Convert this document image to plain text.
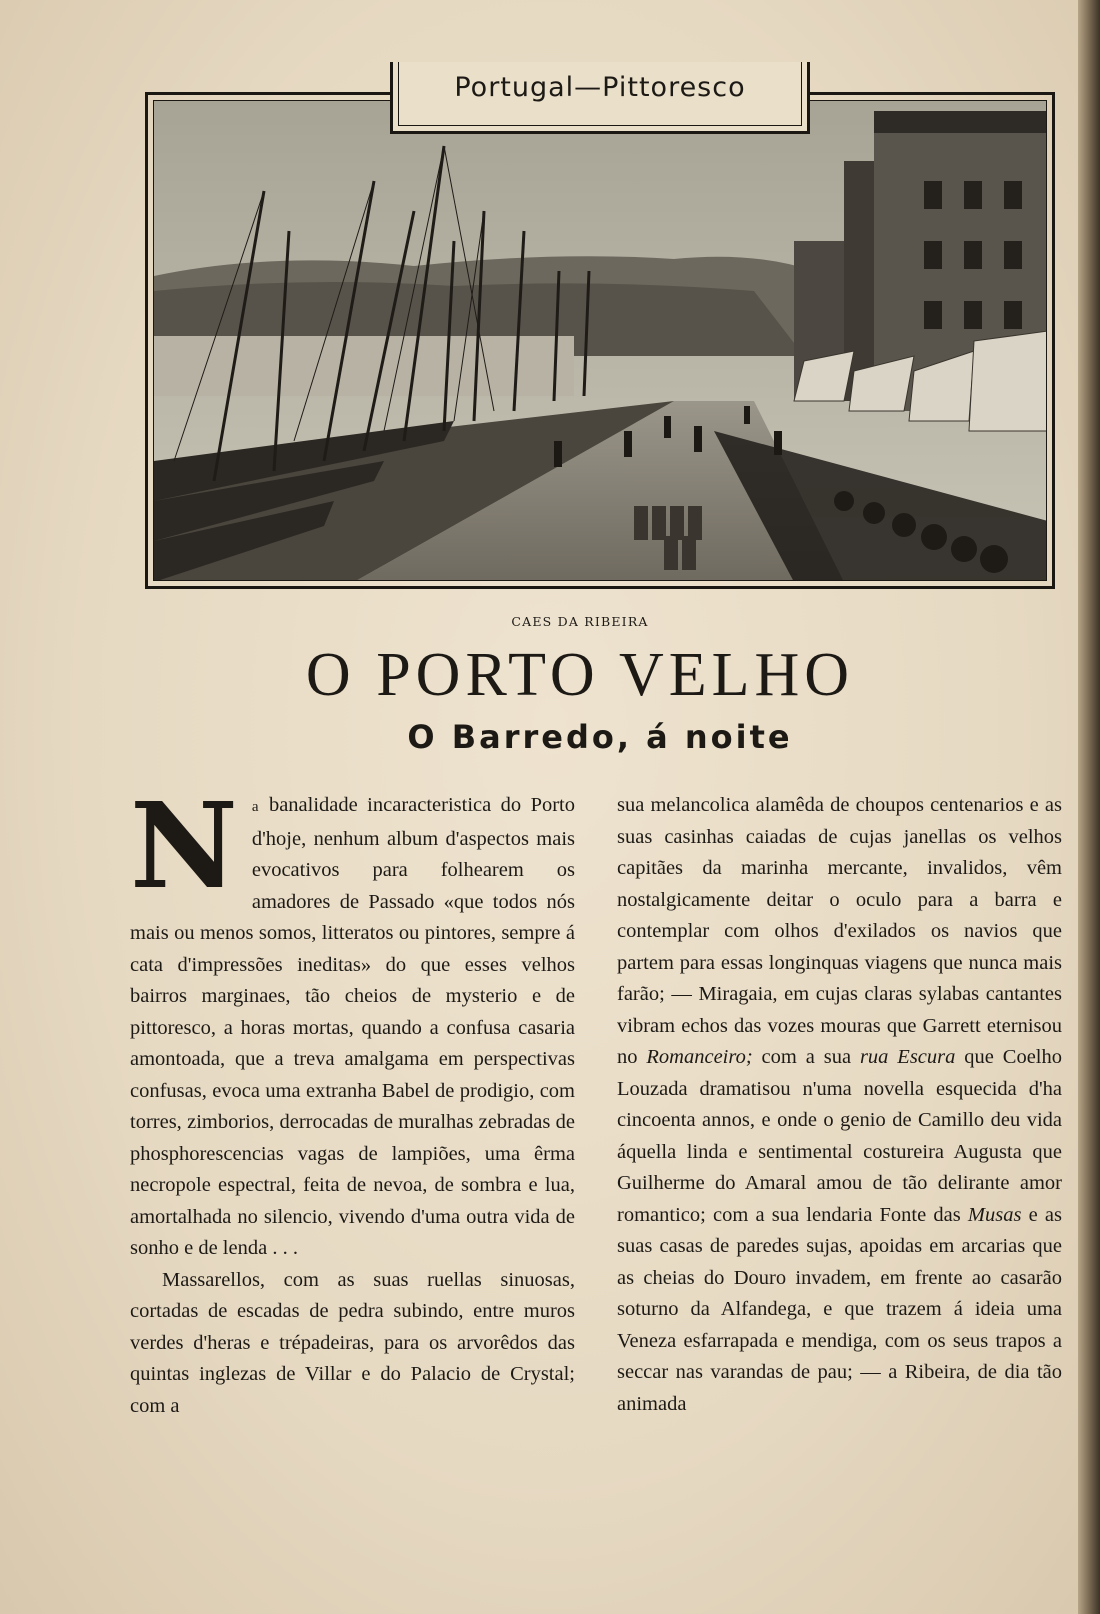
Portugal—Pittoresco
CAES DA RIBEIRA
O PORTO VELHO
O Barredo, á noite

Na banalidade incaracteristica do Porto d'hoje, nenhum album d'aspectos mais evocativos para folhearem os amadores de Passado «que todos nós mais ou menos somos, litteratos ou pintores, sempre á cata d'impressões ineditas» do que esses velhos bairros marginaes, tão cheios de mysterio e de pittoresco, a horas mortas, quando a confusa casaria amontoada, que a treva amalgama em perspectivas confusas, evoca uma extranha Babel de prodigio, com torres, zimborios, derrocadas de muralhas zebradas de phosphorescencias vagas de lampiões, uma êrma necropole espectral, feita de nevoa, de sombra e lua, amortalhada no silencio, vivendo d'uma outra vida de sonho e de lenda . . .

Massarellos, com as suas ruellas sinuosas, cortadas de escadas de pedra subindo, entre muros verdes d'heras e trépadeiras, para os arvorêdos das quintas inglezas de Villar e do Palacio de Crystal; com a

sua melancolica alamêda de choupos centenarios e as suas casinhas caiadas de cujas janellas os velhos capitães da marinha mercante, invalidos, vêm nostalgicamente deitar o oculo para a barra e contemplar com olhos d'exilados os navios que partem para essas longinquas viagens que nunca mais farão; — Miragaia, em cujas claras sylabas cantantes vibram echos das vozes mouras que Garrett eternisou no Romanceiro; com a sua rua Escura que Coelho Louzada dramatisou n'uma novella esquecida d'ha cincoenta annos, e onde o genio de Camillo deu vida áquella linda e sentimental costureira Augusta que Guilherme do Amaral amou de tão delirante amor romantico; com a sua lendaria Fonte das Musas e as suas casas de paredes sujas, apoidas em arcarias que as cheias do Douro invadem, em frente ao casarão soturno da Alfandega, e que trazem á ideia uma Veneza esfarrapada e mendiga, com os seus trapos a seccar nas varandas de pau; — a Ribeira, de dia tão animada
